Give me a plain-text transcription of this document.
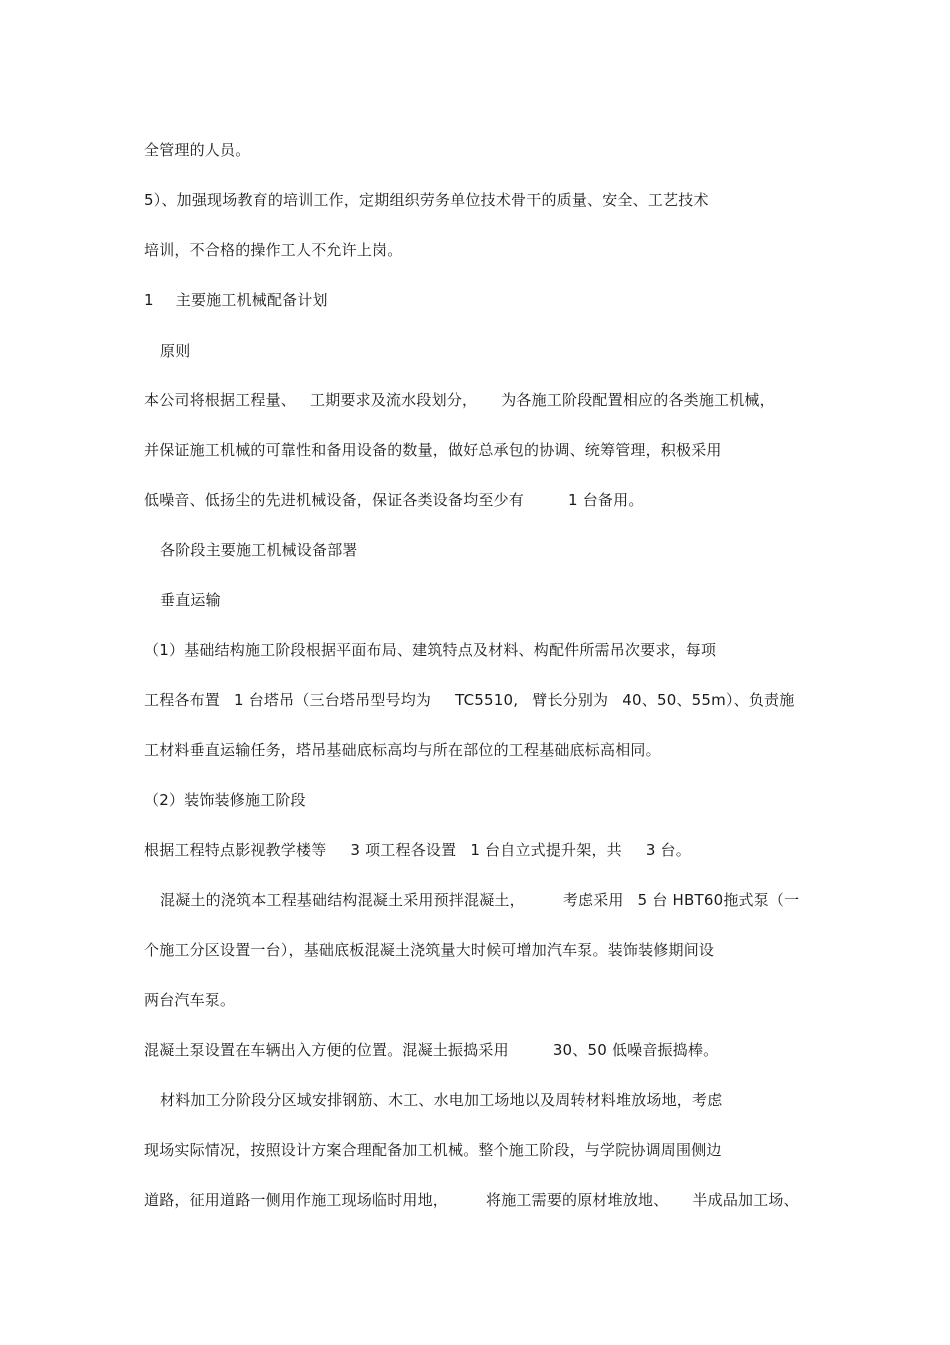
全管理的人员。
5）、加强现场教育的培训工作，定期组织劳务单位技术骨干的质量、安全、工艺技术
培训，不合格的操作工人不允许上岗。
1 主要施工机械配备计划
原则
本公司将根据工程量、 工期要求及流水段划分， 为各施工阶段配置相应的各类施工机械，
并保证施工机械的可靠性和备用设备的数量，做好总承包的协调、统筹管理，积极采用
低噪音、低扬尘的先进机械设备，保证各类设备均至少有	1 台备用。
各阶段主要施工机械设备部署
垂直运输
（1）基础结构施工阶段根据平面布局、建筑特点及材料、构配件所需吊次要求，每项
工程各布置 1 台塔吊（三台塔吊型号均为 TC5510, 臂长分别为 40、50、55m）、负责施
工材料垂直运输任务，塔吊基础底标高均与所在部位的工程基础底标高相同。
（2）装饰装修施工阶段
根据工程特点影视教学楼等 3 项工程各设置 1 台自立式提升架，共 3 台。
混凝土的浇筑本工程基础结构混凝土采用预拌混凝土，	考虑采用 5 台 HBT60拖式泵（一
个施工分区设置一台），基础底板混凝土浇筑量大时候可增加汽车泵。装饰装修期间设
两台汽车泵。
混凝土泵设置在车辆出入方便的位置。混凝土振捣采用	30、50 低噪音振捣棒。
材料加工分阶段分区域安排钢筋、木工、水电加工场地以及周转材料堆放场地，考虑
现场实际情况，按照设计方案合理配备加工机械。整个施工阶段，与学院协调周围侧边
道路，征用道路一侧用作施工现场临时用地，	将施工需要的原材堆放地、 半成品加工场、
